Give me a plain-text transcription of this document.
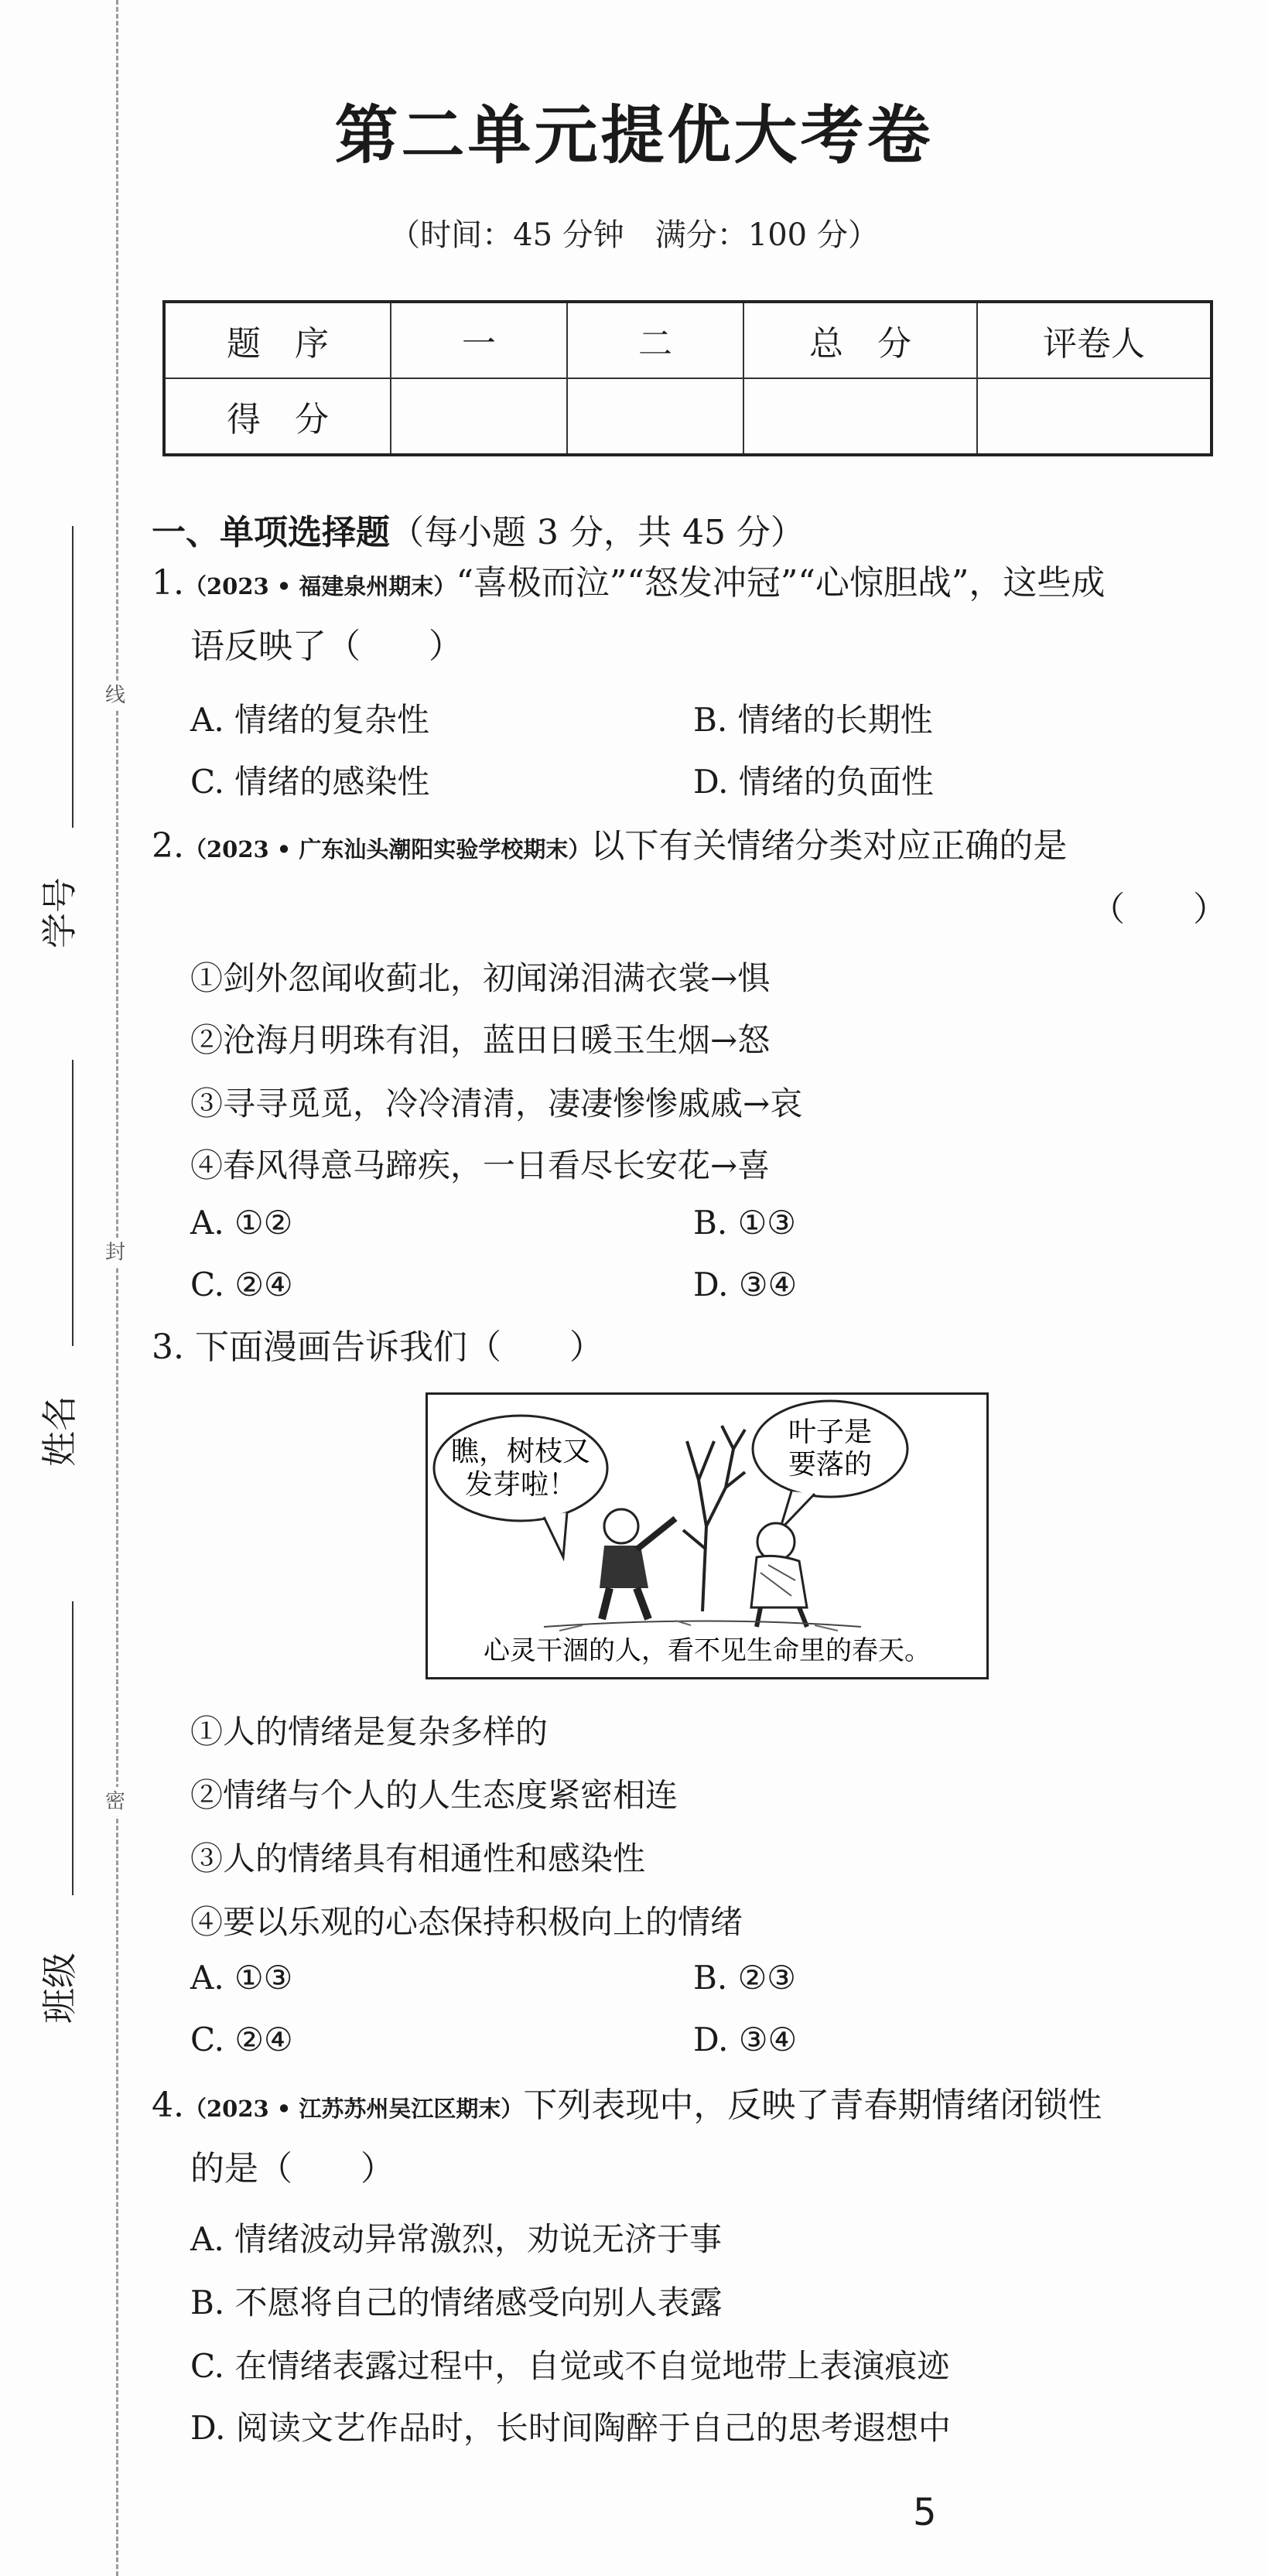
线
封
密
学号
姓名
班级
第二单元提优大考卷
（时间：45 分钟　满分：100 分）
题　序	一	二	总　分	评卷人
得　分				
一、单项选择题（每小题 3 分，共 45 分）
1.（2023 • 福建泉州期末）“喜极而泣”“怒发冲冠”“心惊胆战”，这些成
语反映了（　　）
A. 情绪的复杂性	B. 情绪的长期性
C. 情绪的感染性	D. 情绪的负面性
2.（2023 • 广东汕头潮阳实验学校期末）以下有关情绪分类对应正确的是
（　　）
①剑外忽闻收蓟北，初闻涕泪满衣裳→惧
②沧海月明珠有泪，蓝田日暖玉生烟→怒
③寻寻觅觅，冷冷清清，凄凄惨惨戚戚→哀
④春风得意马蹄疾，一日看尽长安花→喜
A. ①②	B. ①③
C. ②④	D. ③④
3. 下面漫画告诉我们（　　）
瞧，树枝又
发芽啦！
叶子是
要落的
心灵干涸的人，看不见生命里的春天。
①人的情绪是复杂多样的
②情绪与个人的人生态度紧密相连
③人的情绪具有相通性和感染性
④要以乐观的心态保持积极向上的情绪
A. ①③	B. ②③
C. ②④	D. ③④
4.（2023 • 江苏苏州吴江区期末）下列表现中，反映了青春期情绪闭锁性
的是（　　）
A. 情绪波动异常激烈，劝说无济于事
B. 不愿将自己的情绪感受向别人表露
C. 在情绪表露过程中，自觉或不自觉地带上表演痕迹
D. 阅读文艺作品时，长时间陶醉于自己的思考遐想中
5
